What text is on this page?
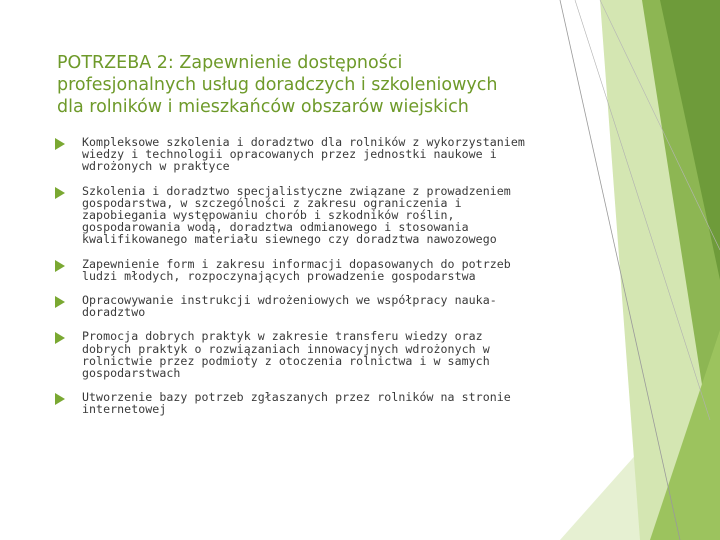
POTRZEBA 2: Zapewnienie dostępności
profesjonalnych usług doradczych i szkoleniowych
dla rolników i mieszkańców obszarów wiejskich
Kompleksowe szkolenia i doradztwo dla rolników z wykorzystaniem
wiedzy i technologii opracowanych przez jednostki naukowe i
wdrożonych w praktyce
Szkolenia i doradztwo specjalistyczne związane z prowadzeniem
gospodarstwa, w szczególności z zakresu ograniczenia i
zapobiegania występowaniu chorób i szkodników roślin,
gospodarowania wodą, doradztwa odmianowego i stosowania
kwalifikowanego materiału siewnego czy doradztwa nawozowego
Zapewnienie form i zakresu informacji dopasowanych do potrzeb
ludzi młodych, rozpoczynających prowadzenie gospodarstwa
Opracowywanie instrukcji wdrożeniowych we współpracy nauka-
doradztwo
Promocja dobrych praktyk w zakresie transferu wiedzy oraz
dobrych praktyk o rozwiązaniach innowacyjnych wdrożonych w
rolnictwie przez podmioty z otoczenia rolnictwa i w samych
gospodarstwach
Utworzenie bazy potrzeb zgłaszanych przez rolników na stronie
internetowej
